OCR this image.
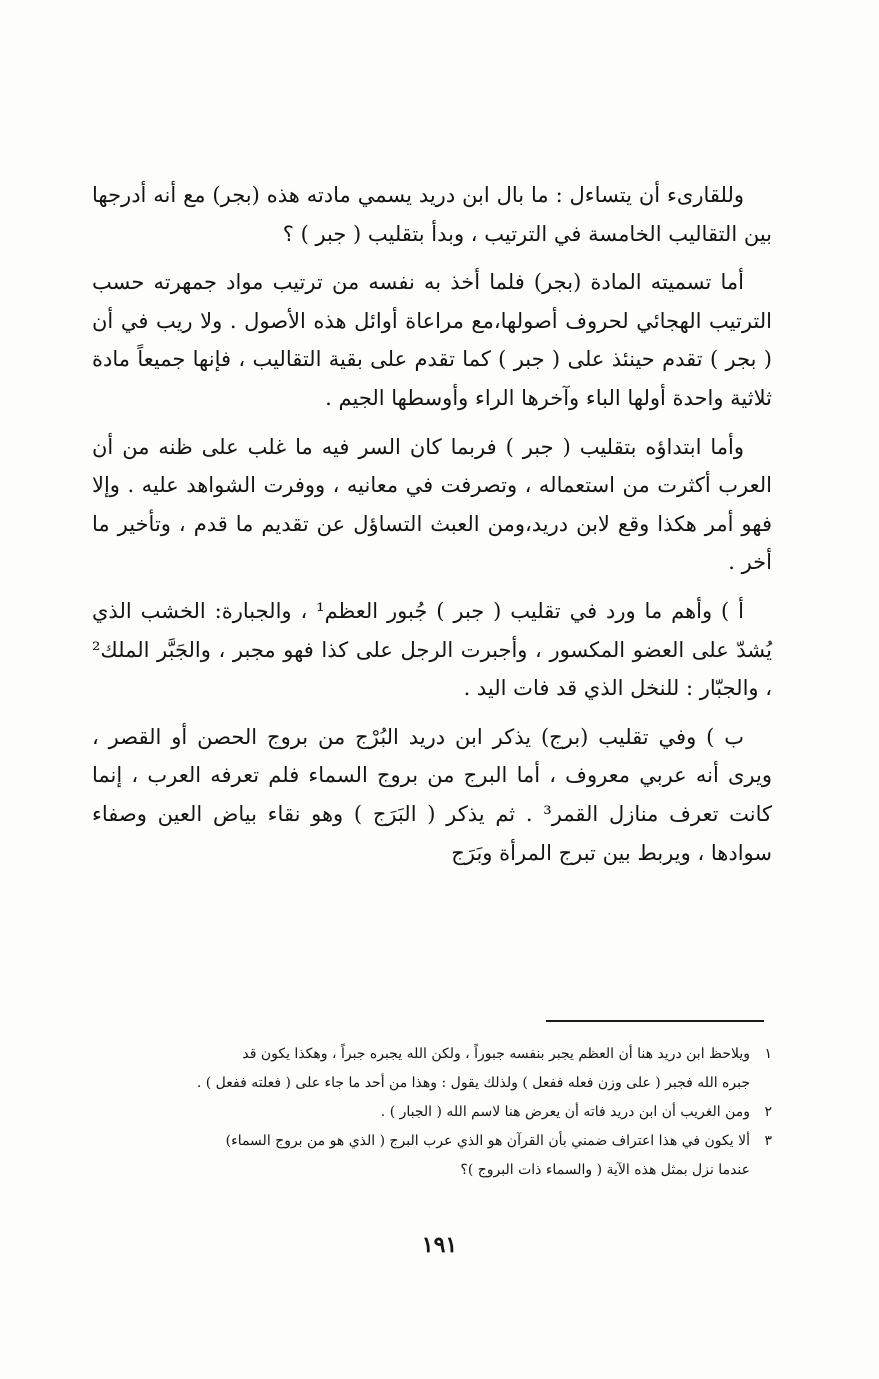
وللقارىء أن يتساءل : ما بال ابن دريد يسمي مادته هذه (بجر) مع أنه أدرجها بين التقاليب الخامسة في الترتيب ، وبدأ بتقليب ( جبر ) ؟

أما تسميته المادة (بجر) فلما أخذ به نفسه من ترتيب مواد جمهرته حسب الترتيب الهجائي لحروف أصولها،مع مراعاة أوائل هذه الأصول . ولا ريب في أن ( بجر ) تقدم حينئذ على ( جبر ) كما تقدم على بقية التقاليب ، فإنها جميعاً مادة ثلاثية واحدة أولها الباء وآخرها الراء وأوسطها الجيم .

وأما ابتداؤه بتقليب ( جبر ) فربما كان السر فيه ما غلب على ظنه من أن العرب أكثرت من استعماله ، وتصرفت في معانيه ، ووفرت الشواهد عليه . وإلا فهو أمر هكذا وقع لابن دريد،ومن العبث التساؤل عن تقديم ما قدم ، وتأخير ما أخر .

أ ) وأهم ما ورد في تقليب ( جبر ) جُبور العظم¹ ، والجبارة: الخشب الذي يُشدّ على العضو المكسور ، وأجبرت الرجل على كذا فهو مجبر ، والجَبَّر الملك² ، والجبّار : للنخل الذي قد فات اليد .

ب ) وفي تقليب (برج) يذكر ابن دريد البُرْج من بروج الحصن أو القصر ، ويرى أنه عربي معروف ، أما البرج من بروج السماء فلم تعرفه العرب ، إنما كانت تعرف منازل القمر³ . ثم يذكر ( البَرَج ) وهو نقاء بياض العين وصفاء سوادها ، ويربط بين تبرج المرأة وبَرَج

١ويلاحظ ابن دريد هنا أن العظم يجبر بنفسه جبوراً ، ولكن الله يجبره جبراً ، وهكذا يكون قد

جبره الله فجبر ( على وزن فعله ففعل ) ولذلك يقول : وهذا من أحد ما جاء على ( فعلته ففعل ) .

٢ومن الغريب أن ابن دريد فاته أن يعرض هنا لاسم الله ( الجبار ) .

٣ألا يكون في هذا اعتراف ضمني بأن القرآن هو الذي عرب البرج ( الذي هو من بروج السماء)

عندما نزل بمثل هذه الآية ( والسماء ذات البروج )؟

١٩١
